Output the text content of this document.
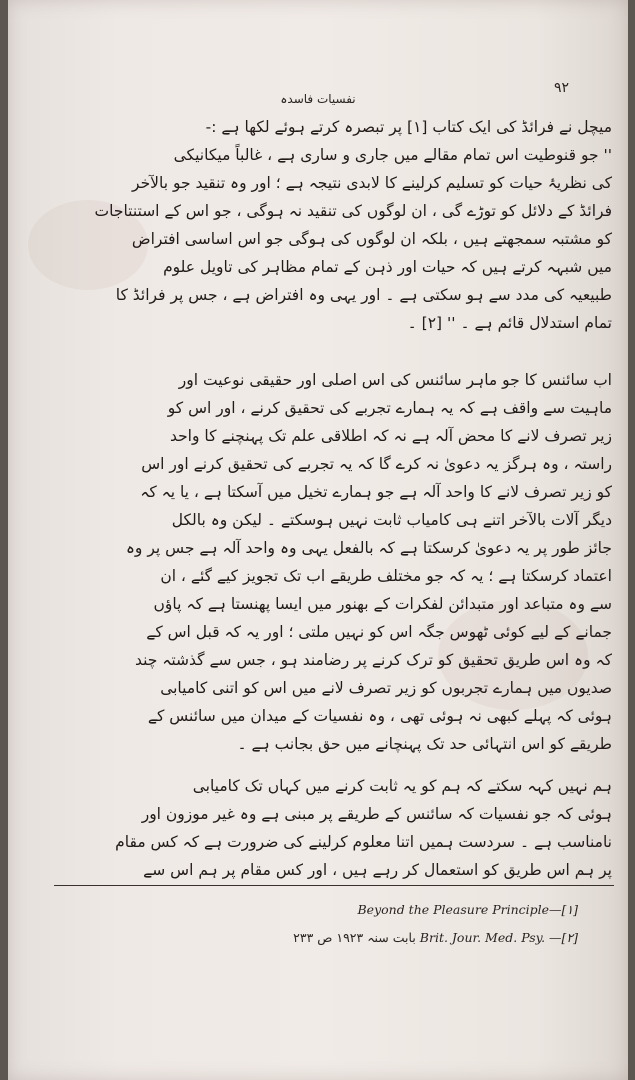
۹۲
نفسیات فاسدہ
میچل نے فرائڈ کی ایک کتاب [۱] پر تبصرہ کرتے ہوئے لکھا ہے :-
'' جو قنوطیت اس تمام مقالے میں جاری و ساری ہے ، غالباً میکانیکی
کی نظریۂ حیات کو تسلیم کرلینے کا لابدی نتیجہ ہے ؛ اور وہ تنقید جو بالآخر
فرائڈ کے دلائل کو توڑے گی ، ان لوگوں کی تنقید نہ ہوگی ، جو اس کے استنتاجات
کو مشتبہ سمجھتے ہیں ، بلکہ ان لوگوں کی ہوگی جو اس اساسی افتراض
میں شبہہ کرتے ہیں کہ حیات اور ذہن کے تمام مظاہر کی تاویل علوم
طبیعیہ کی مدد سے ہو سکتی ہے ۔ اور یہی وہ افتراض ہے ، جس پر فرائڈ کا
تمام استدلال قائم ہے ۔ '' [۲] ۔
اب سائنس کا جو ماہر سائنس کی اس اصلی اور حقیقی نوعیت اور
ماہیت سے واقف ہے کہ یہ ہمارے تجربے کی تحقیق کرنے ، اور اس کو
زیر تصرف لانے کا محض آلہ ہے نہ کہ اطلاقی علم تک پہنچنے کا واحد
راستہ ، وہ ہرگز یہ دعویٰ نہ کرے گا کہ یہ تجربے کی تحقیق کرنے اور اس
کو زیر تصرف لانے کا واحد آلہ ہے جو ہمارے تخیل میں آسکتا ہے ، یا یہ کہ
دیگر آلات بالآخر اتنے ہی کامیاب ثابت نہیں ہوسکتے ۔ لیکن وہ بالکل
جائز طور پر یہ دعویٰ کرسکتا ہے کہ بالفعل یہی وہ واحد آلہ ہے جس پر وہ
اعتماد کرسکتا ہے ؛ یہ کہ جو مختلف طریقے اب تک تجویز کیے گئے ، ان
سے وہ متباعد اور متبدائن لفکرات کے بھنور میں ایسا پھنستا ہے کہ پاؤں
جمانے کے لیے کوئی ٹھوس جگہ اس کو نہیں ملتی ؛ اور یہ کہ قبل اس کے
کہ وہ اس طریق تحقیق کو ترک کرنے پر رضامند ہو ، جس سے گذشتہ چند
صدیوں میں ہمارے تجربوں کو زیر تصرف لانے میں اس کو اتنی کامیابی
ہوئی کہ پہلے کبھی نہ ہوئی تھی ، وہ نفسیات کے میدان میں سائنس کے
طریقے کو اس انتہائی حد تک پہنچانے میں حق بجانب ہے ۔
ہم نہیں کہہ سکتے کہ ہم کو یہ ثابت کرنے میں کہاں تک کامیابی
ہوئی کہ جو نفسیات کہ سائنس کے طریقے پر مبنی ہے وہ غیر موزون اور
نامناسب ہے ۔ سردست ہمیں اتنا معلوم کرلینے کی ضرورت ہے کہ کس مقام
پر ہم اس طریق کو استعمال کر رہے ہیں ، اور کس مقام پر ہم اس سے
Beyond the Pleasure Principle—[۱]
بابت سنہ ۱۹۲۳ ص ۲۳۳ Brit. Jour. Med. Psy. —[۲]
